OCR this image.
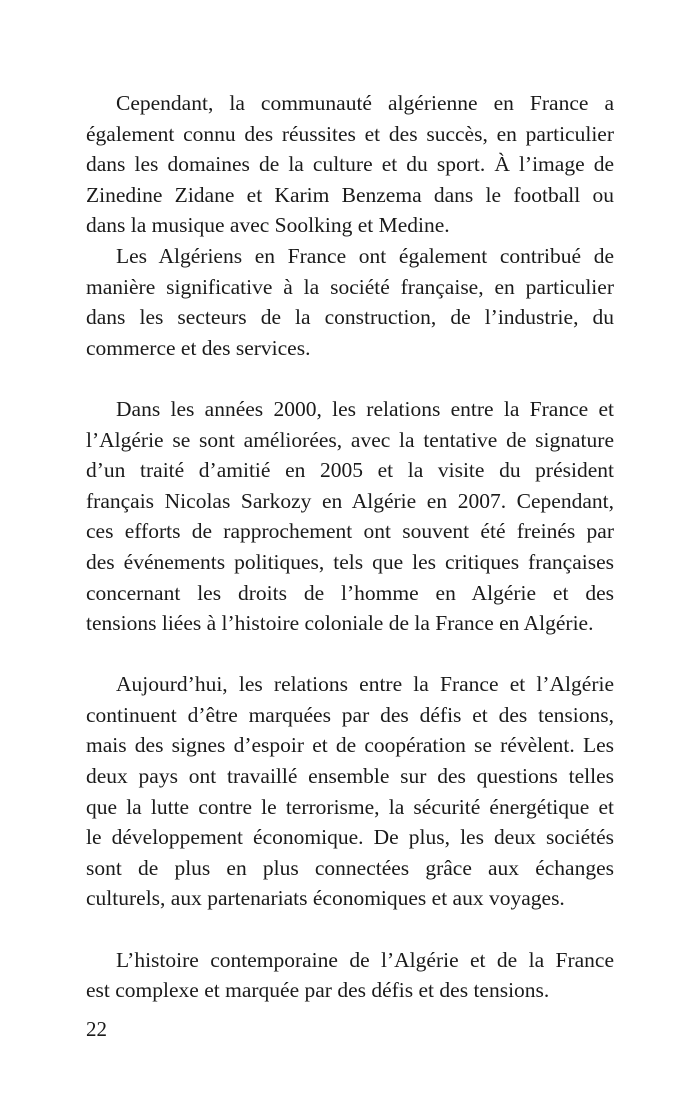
Cependant, la communauté algérienne en France a
également connu des réussites et des succès, en particulier
dans les domaines de la culture et du sport. À l’image de
Zinedine Zidane et Karim Benzema dans le football ou
dans la musique avec Soolking et Medine.
Les Algériens en France ont également contribué de
manière significative à la société française, en particulier
dans les secteurs de la construction, de l’industrie, du
commerce et des services.
Dans les années 2000, les relations entre la France et
l’Algérie se sont améliorées, avec la tentative de signature
d’un traité d’amitié en 2005 et la visite du président
français Nicolas Sarkozy en Algérie en 2007. Cependant,
ces efforts de rapprochement ont souvent été freinés par
des événements politiques, tels que les critiques françaises
concernant les droits de l’homme en Algérie et des
tensions liées à l’histoire coloniale de la France en Algérie.
Aujourd’hui, les relations entre la France et l’Algérie
continuent d’être marquées par des défis et des tensions,
mais des signes d’espoir et de coopération se révèlent. Les
deux pays ont travaillé ensemble sur des questions telles
que la lutte contre le terrorisme, la sécurité énergétique et
le développement économique. De plus, les deux sociétés
sont de plus en plus connectées grâce aux échanges
culturels, aux partenariats économiques et aux voyages.
L’histoire contemporaine de l’Algérie et de la France
est complexe et marquée par des défis et des tensions.
22
